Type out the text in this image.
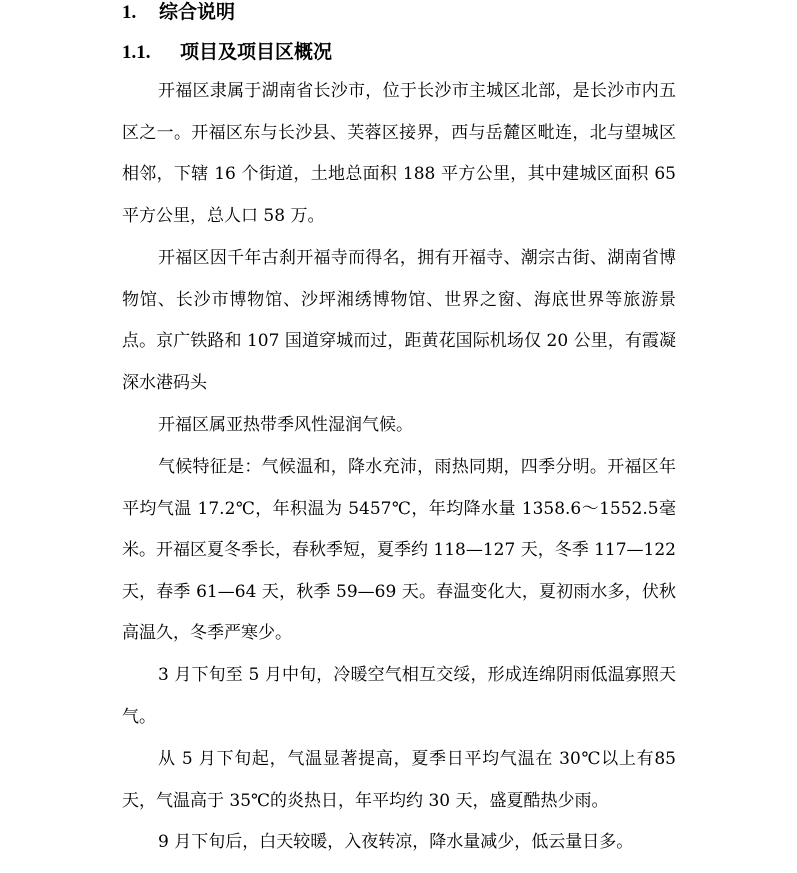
1. 综合说明
1.1. 项目及项目区概况

开福区隶属于湖南省长沙市，位于长沙市主城区北部，是长沙市内五区之一。开福区东与长沙县、芙蓉区接界，西与岳麓区毗连，北与望城区相邻，下辖 16 个街道，土地总面积 188 平方公里，其中建城区面积 65 平方公里，总人口 58 万。

开福区因千年古刹开福寺而得名，拥有开福寺、潮宗古街、湖南省博物馆、长沙市博物馆、沙坪湘绣博物馆、世界之窗、海底世界等旅游景点。京广铁路和 107 国道穿城而过，距黄花国际机场仅 20 公里，有霞凝深水港码头

开福区属亚热带季风性湿润气候。

气候特征是：气候温和，降水充沛，雨热同期，四季分明。开福区年平均气温 17.2℃，年积温为 5457℃，年均降水量 1358.6～1552.5毫米。开福区夏冬季长，春秋季短，夏季约 118—127 天，冬季 117—122天，春季 61—64 天，秋季 59—69 天。春温变化大，夏初雨水多，伏秋高温久，冬季严寒少。

3 月下旬至 5 月中旬，冷暖空气相互交绥，形成连绵阴雨低温寡照天气。

从 5 月下旬起，气温显著提高，夏季日平均气温在 30℃以上有85 天，气温高于 35℃的炎热日，年平均约 30 天，盛夏酷热少雨。

9 月下旬后，白天较暖，入夜转凉，降水量减少，低云量日多。
